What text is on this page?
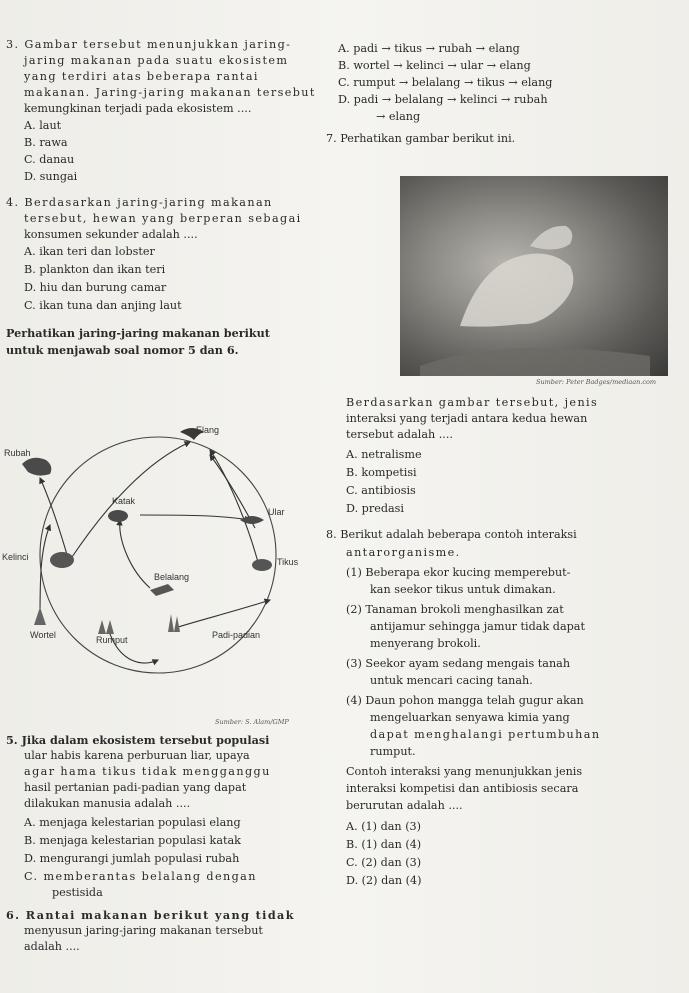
3. Gambar tersebut menunjukkan jaring-
jaring makanan pada suatu ekosistem
yang terdiri atas beberapa rantai
makanan. Jaring-jaring makanan tersebut
kemungkinan terjadi pada ekosistem ....
A. laut
B. rawa
C. danau
D. sungai
4. Berdasarkan jaring-jaring makanan
tersebut, hewan yang berperan sebagai
konsumen sekunder adalah ....
A. ikan teri dan lobster
B. plankton dan ikan teri
D. hiu dan burung camar
C. ikan tuna dan anjing laut
Perhatikan jaring-jaring makanan berikut
untuk menjawab soal nomor 5 dan 6.
Elang
Rubah
Katak
Ular
Kelinci	Tikus
Belalang
Wortel	Rumput	Padi-padian
Sumber: S. Alam/GMP
5. Jika dalam ekosistem tersebut populasi
ular habis karena perburuan liar, upaya
agar hama tikus tidak mengganggu
hasil pertanian padi-padian yang dapat
dilakukan manusia adalah ....
A. menjaga kelestarian populasi elang
B. menjaga kelestarian populasi katak
D. mengurangi jumlah populasi rubah
C. memberantas belalang dengan
pestisida
6. Rantai makanan berikut yang tidak
menyusun jaring-jaring makanan tersebut
adalah ....
A. padi → tikus → rubah → elang
B. wortel → kelinci → ular → elang
C. rumput → belalang → tikus → elang
D. padi → belalang → kelinci → rubah
→ elang
7. Perhatikan gambar berikut ini.
Sumber: Peter Badges/mediaan.com
Berdasarkan gambar tersebut, jenis
interaksi yang terjadi antara kedua hewan
tersebut adalah ....
A. netralisme
B. kompetisi
C. antibiosis
D. predasi
8. Berikut adalah beberapa contoh interaksi
antarorganisme.
(1) Beberapa ekor kucing memperebut-
kan seekor tikus untuk dimakan.
(2) Tanaman brokoli menghasilkan zat
antijamur sehingga jamur tidak dapat
menyerang brokoli.
(3) Seekor ayam sedang mengais tanah
untuk mencari cacing tanah.
(4) Daun pohon mangga telah gugur akan
mengeluarkan senyawa kimia yang
dapat menghalangi pertumbuhan
rumput.
Contoh interaksi yang menunjukkan jenis
interaksi kompetisi dan antibiosis secara
berurutan adalah ....
A. (1) dan (3)
B. (1) dan (4)
C. (2) dan (3)
D. (2) dan (4)
